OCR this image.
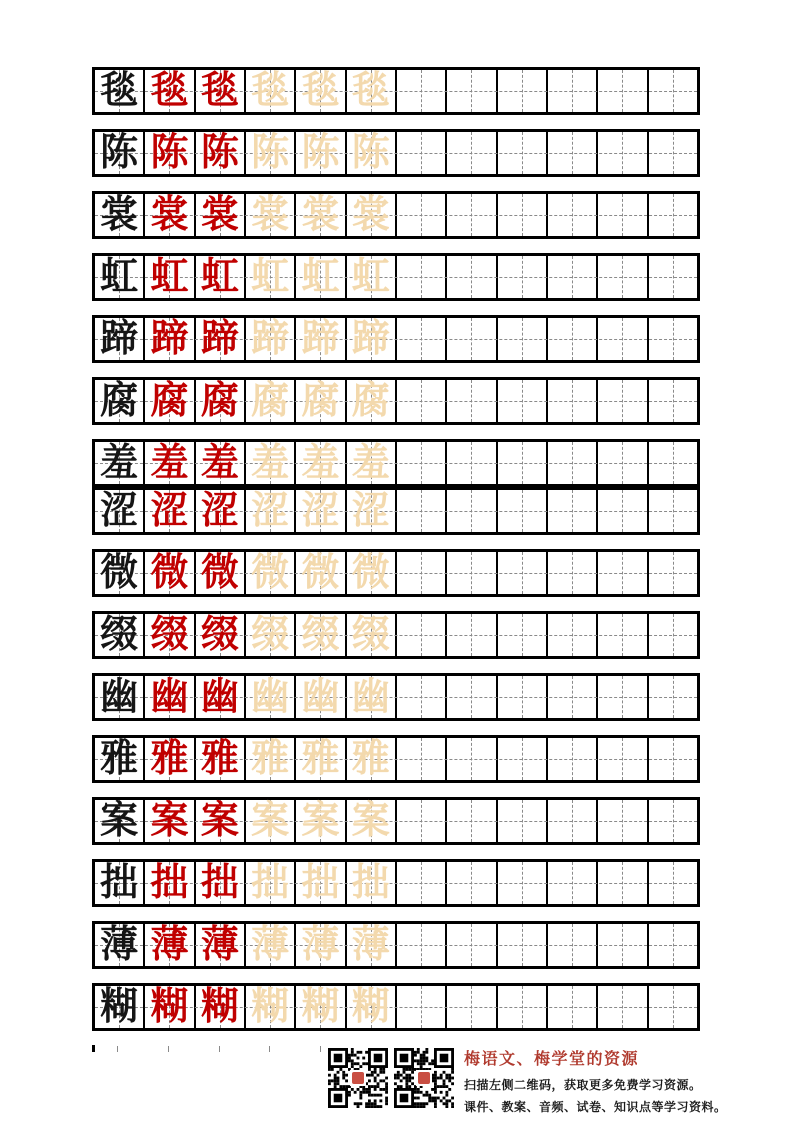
毯 毯 毯 毯 毯 毯
陈 陈 陈 陈 陈 陈
裳 裳 裳 裳 裳 裳
虹 虹 虹 虹 虹 虹
蹄 蹄 蹄 蹄 蹄 蹄
腐 腐 腐 腐 腐 腐
羞 羞 羞 羞 羞 羞
涩 涩 涩 涩 涩 涩
微 微 微 微 微 微
缀 缀 缀 缀 缀 缀
幽 幽 幽 幽 幽 幽
雅 雅 雅 雅 雅 雅
案 案 案 案 案 案
拙 拙 拙 拙 拙 拙
薄 薄 薄 薄 薄 薄
糊 糊 糊 糊 糊 糊
梅语文、梅学堂的资源
扫描左侧二维码，获取更多免费学习资源。
课件、教案、音频、试卷、知识点等学习资料。
